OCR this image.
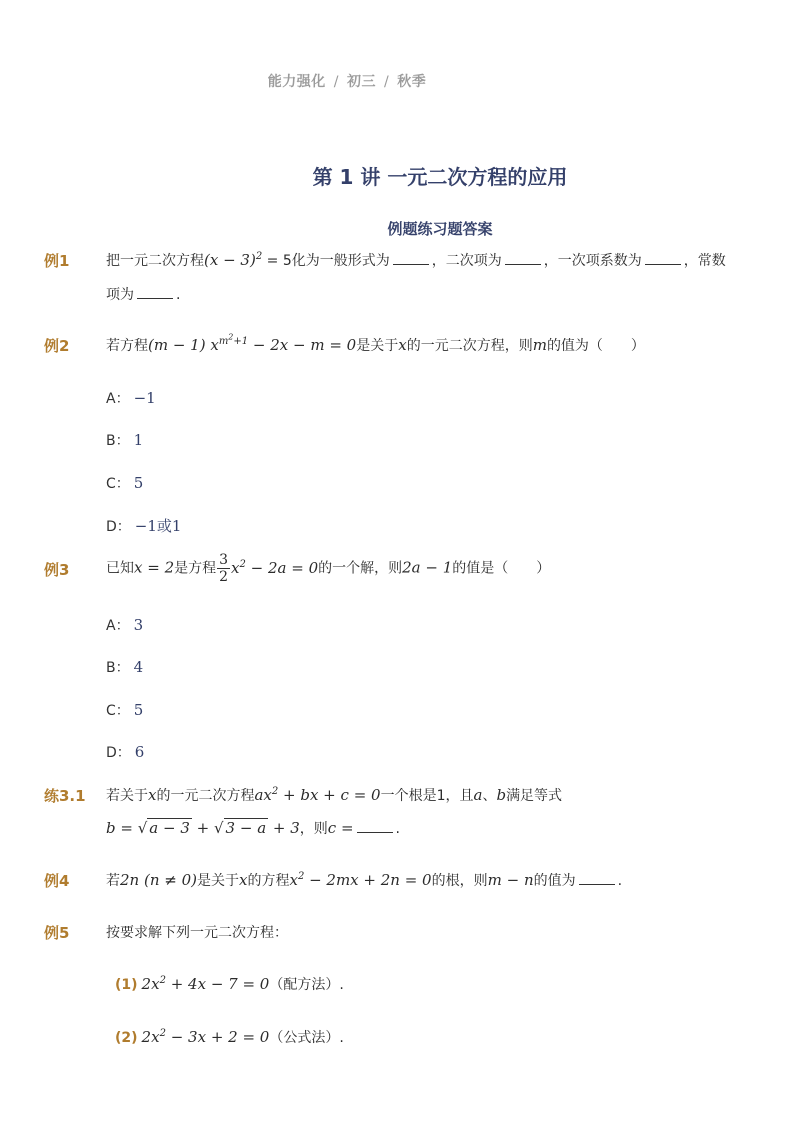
能力强化 / 初三 / 秋季
第 1 讲 一元二次方程的应用
例题练习题答案
例1	把一元二次方程$(x - 3)^2 = 5$化为一般形式为	，二次项为	，一次项系数为	，常数
项为	.
例2	若方程(m − 1) $x^{m^2+1} - 2x - m = 0$是关于x的一元二次方程，则m的值为（　　）
A： −1
B： 1
C： 5
D： −1或1
例3	已知x = 2是方程 $\frac{3}{2} x^2 - 2a = 0$的一个解，则2a − 1的值是（　　）
A： 3
B： 4
C： 5
D： 6
练3.1 若关于x的一元二次方程$ax^2$ + bx + c = 0一个根是1，且a、b满足等式
b = √ a − 3 + √ 3 − a + 3，则c =	.
例4	若2n (n ≠ 0)是关于x的方程$x^2 - 2mx + 2n = 0$的根，则m − n的值为	.
例5	按要求解下列一元二次方程：
(1) $2x^2 + 4x - 7 = 0$（配方法）.
(2) $2x^2 - 3x + 2 = 0$（公式法）.
